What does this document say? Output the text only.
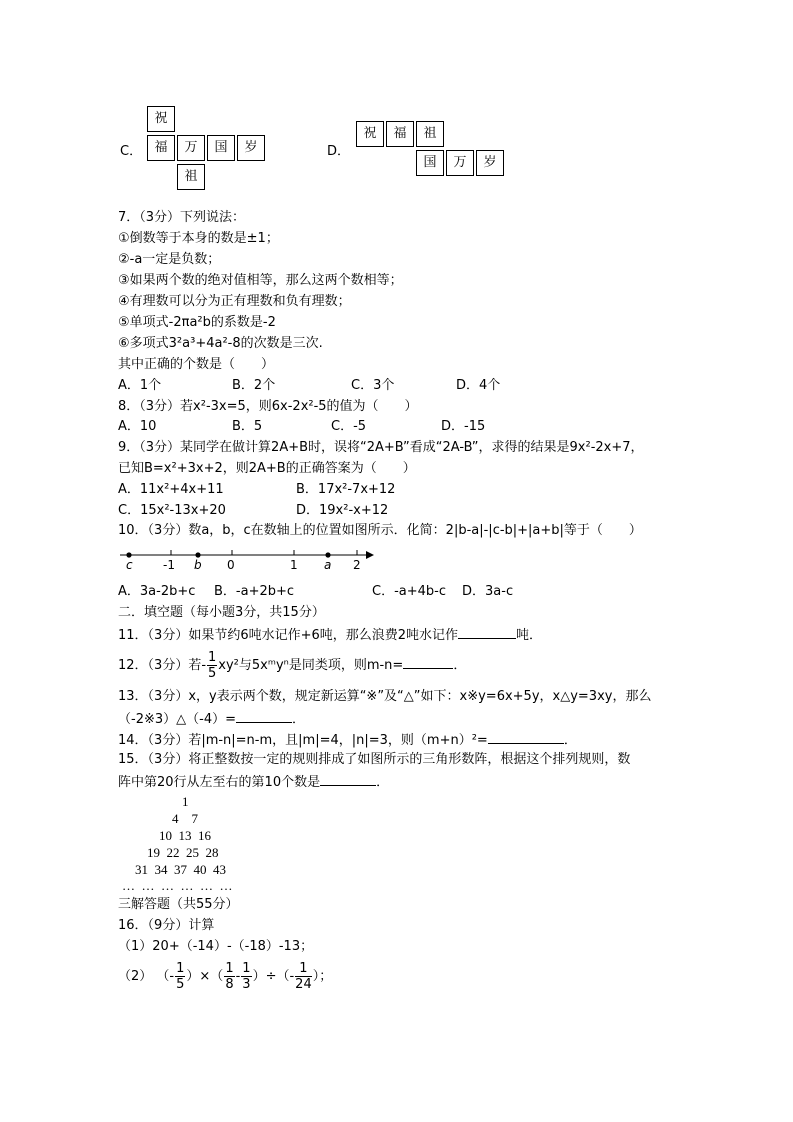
C．
祝
福	万	国	岁
祖
D．
祝	福	祖
国	万	岁
7．（3分）下列说法：
①倒数等于本身的数是±1；
②-a一定是负数；
③如果两个数的绝对值相等，那么这两个数相等；
④有理数可以分为正有理数和负有理数；
⑤单项式-2πa²b的系数是-2
⑥多项式3²a³+4a²-8的次数是三次.
其中正确的个数是（　　）
A．1个	B．2个	C．3个	D．4个
8．（3分）若x²-3x=5，则6x-2x²-5的值为（　　）
A．10	B．5	C．-5	D．-15
9．（3分）某同学在做计算2A+B时，误将“2A+B”看成“2A-B”，求得的结果是9x²-2x+7，
已知B=x²+3x+2，则2A+B的正确答案为（　　）
A．11x²+4x+11	B．17x²-7x+12
C．15x²-13x+20	D．19x²-x+12
10．（3分）数a，b，c在数轴上的位置如图所示．化简：2|b-a|-|c-b|+|a+b|等于（　　）
c	b	a
-1	0	1	2
A．3a-2b+c B．-a+2b+c	C．-a+4b-c D．3a-c
二．填空题（每小题3分，共15分）
11．（3分）如果节约6吨水记作+6吨，那么浪费2吨水记作	吨．
12．（3分）若- $\frac{1}{5} xy^2$与5xᵐyⁿ是同类项，则m-n=	．
13．（3分）x，y表示两个数，规定新运算“※”及“△”如下：x※y=6x+5y，x△y=3xy，那么
（-2※3）△（-4）=	．
14．（3分）若|m-n|=n-m，且|m|=4，|n|=3，则（m+n）²=	．
15．（3分）将正整数按一定的规则排成了如图所示的三角形数阵，根据这个排列规则，数
阵中第20行从左至右的第10个数是	．
1
4    7
10  13  16
19  22  25  28
31  34  37  40  43
…  …  …  …  …  …
三解答题（共55分）
16．（9分）计算
（1）20+（-14）-（-18）-13；
（2） （- $\frac{1}{5}$ ）×（ $\frac{1}{8} - \frac{1}{3}$ ）÷（- $\frac{1}{24}$ ）；
